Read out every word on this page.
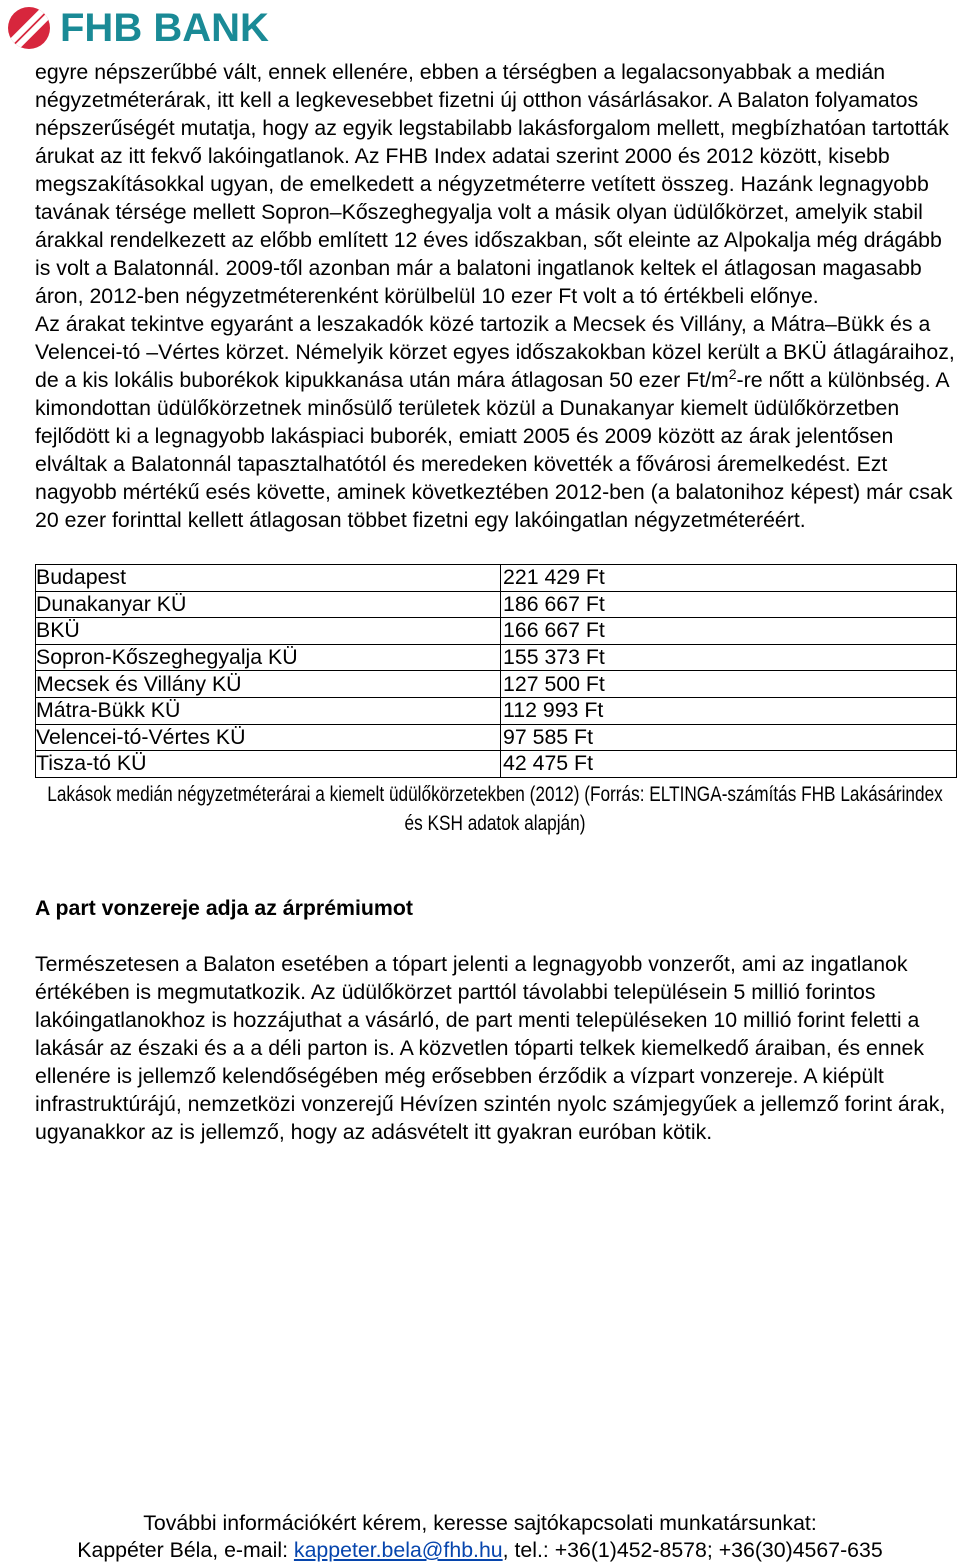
FHB BANK

egyre népszerűbbé vált, ennek ellenére, ebben a térségben a legalacsonyabbak a medián négyzetméterárak, itt kell a legkevesebbet fizetni új otthon vásárlásakor. A Balaton folyamatos népszerűségét mutatja, hogy az egyik legstabilabb lakásforgalom mellett, megbízhatóan tartották árukat az itt fekvő lakóingatlanok. Az FHB Index adatai szerint 2000 és 2012 között, kisebb megszakításokkal ugyan, de emelkedett a négyzetméterre vetített összeg. Hazánk legnagyobb tavának térsége mellett Sopron–Kőszeghegyalja volt a másik olyan üdülőkörzet, amelyik stabil árakkal rendelkezett az előbb említett 12 éves időszakban, sőt eleinte az Alpokalja még drágább is volt a Balatonnál. 2009-től azonban már a balatoni ingatlanok keltek el átlagosan magasabb áron, 2012-ben négyzetméterenként körülbelül 10 ezer Ft volt a tó értékbeli előnye.
Az árakat tekintve egyaránt a leszakadók közé tartozik a Mecsek és Villány, a Mátra–Bükk és a Velencei-tó –Vértes körzet. Némelyik körzet egyes időszakokban közel került a BKÜ átlagáraihoz, de a kis lokális buborékok kipukkanása után mára átlagosan 50 ezer $Ft/m^2-re$ nőtt a különbség. A kimondottan üdülőkörzetnek minősülő területek közül a Dunakanyar kiemelt üdülőkörzetben fejlődött ki a legnagyobb lakáspiaci buborék, emiatt 2005 és 2009 között az árak jelentősen elváltak a Balatonnál tapasztalhatótól és meredeken követték a fővárosi áremelkedést. Ezt nagyobb mértékű esés követte, aminek következtében 2012-ben (a balatonihoz képest) már csak 20 ezer forinttal kellett átlagosan többet fizetni egy lakóingatlan négyzetméteréért.

Budapest	221 429 Ft
Dunakanyar KÜ	186 667 Ft
BKÜ	166 667 Ft
Sopron-Kőszeghegyalja KÜ	155 373 Ft
Mecsek és Villány KÜ	127 500 Ft
Mátra-Bükk KÜ	112 993 Ft
Velencei-tó-Vértes KÜ	97 585 Ft
Tisza-tó KÜ	42 475 Ft
Lakások medián négyzetméterárai a kiemelt üdülőkörzetekben (2012) (Forrás: ELTINGA-számítás FHB Lakásárindex és KSH adatok alapján)
A part vonzereje adja az árprémiumot

Természetesen a Balaton esetében a tópart jelenti a legnagyobb vonzerőt, ami az ingatlanok értékében is megmutatkozik. Az üdülőkörzet parttól távolabbi településein 5 millió forintos lakóingatlanokhoz is hozzájuthat a vásárló, de part menti településeken 10 millió forint feletti a lakásár az északi és a a déli parton is. A közvetlen tóparti telkek kiemelkedő áraiban, és ennek ellenére is jellemző kelendőségében még erősebben érződik a vízpart vonzereje. A kiépült infrastruktúrájú, nemzetközi vonzerejű Hévízen szintén nyolc számjegyűek a jellemző forint árak, ugyanakkor az is jellemző, hogy az adásvételt itt gyakran euróban kötik.

További információkért kérem, keresse sajtókapcsolati munkatársunkat:
Kappéter Béla, e-mail: kappeter.bela@fhb.hu, tel.: +36(1)452-8578; +36(30)4567-635
